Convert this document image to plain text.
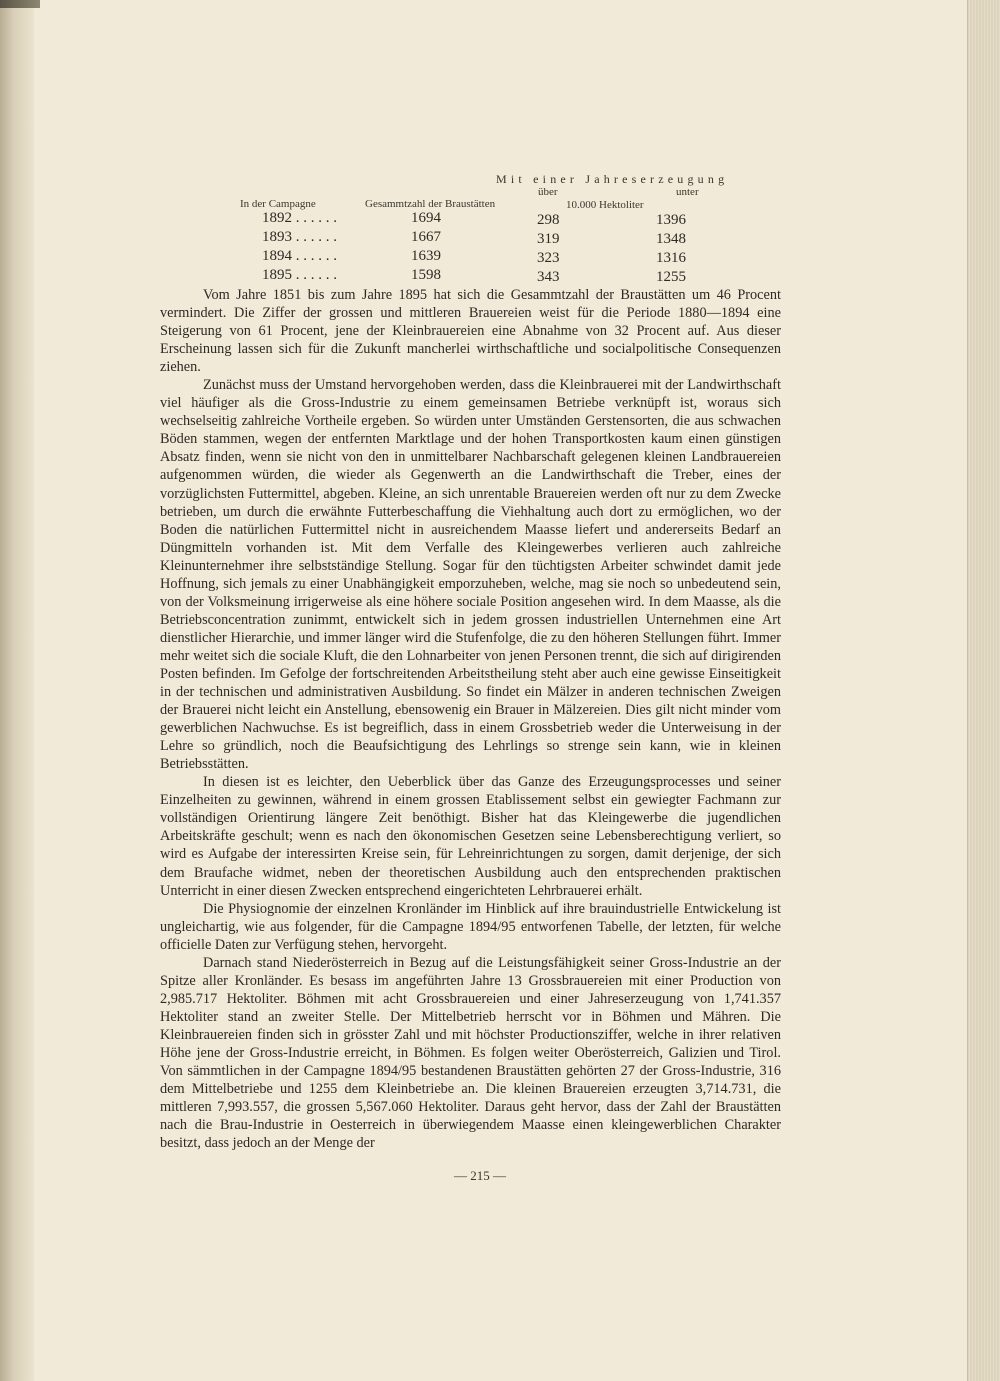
Mit einer Jahreserzeugung
über	unter
In der Campagne	Gesammtzahl der Braustätten	10.000 Hektoliter
1892 . . . . . .	1694	298	1396
1893 . . . . . .	1667	319	1348
1894 . . . . . .	1639	323	1316
1895 . . . . . .	1598	343	1255

Vom Jahre 1851 bis zum Jahre 1895 hat sich die Gesammtzahl der Braustätten um 46 Procent vermindert. Die Ziffer der grossen und mittleren Brauereien weist für die Periode 1880—1894 eine Steigerung von 61 Procent, jene der Kleinbrauereien eine Abnahme von 32 Procent auf. Aus dieser Erscheinung lassen sich für die Zukunft mancherlei wirthschaftliche und socialpolitische Consequenzen ziehen.

Zunächst muss der Umstand hervorgehoben werden, dass die Kleinbrauerei mit der Landwirthschaft viel häufiger als die Gross-Industrie zu einem gemeinsamen Betriebe verknüpft ist, woraus sich wechselseitig zahlreiche Vortheile ergeben. So würden unter Umständen Gerstensorten, die aus schwachen Böden stammen, wegen der entfernten Marktlage und der hohen Transportkosten kaum einen günstigen Absatz finden, wenn sie nicht von den in unmittelbarer Nachbarschaft gelegenen kleinen Landbrauereien aufgenommen würden, die wieder als Gegenwerth an die Landwirthschaft die Treber, eines der vorzüglichsten Futtermittel, abgeben. Kleine, an sich unrentable Brauereien werden oft nur zu dem Zwecke betrieben, um durch die erwähnte Futterbeschaffung die Viehhaltung auch dort zu ermöglichen, wo der Boden die natürlichen Futtermittel nicht in ausreichendem Maasse liefert und andererseits Bedarf an Düngmitteln vorhanden ist. Mit dem Verfalle des Kleingewerbes verlieren auch zahlreiche Kleinunternehmer ihre selbstständige Stellung. Sogar für den tüchtigsten Arbeiter schwindet damit jede Hoffnung, sich jemals zu einer Unabhängigkeit emporzuheben, welche, mag sie noch so unbedeutend sein, von der Volksmeinung irrigerweise als eine höhere sociale Position angesehen wird. In dem Maasse, als die Betriebsconcentration zunimmt, entwickelt sich in jedem grossen industriellen Unternehmen eine Art dienstlicher Hierarchie, und immer länger wird die Stufenfolge, die zu den höheren Stellungen führt. Immer mehr weitet sich die sociale Kluft, die den Lohnarbeiter von jenen Personen trennt, die sich auf dirigirenden Posten befinden. Im Gefolge der fortschreitenden Arbeitstheilung steht aber auch eine gewisse Einseitigkeit in der technischen und administrativen Ausbildung. So findet ein Mälzer in anderen technischen Zweigen der Brauerei nicht leicht ein Anstellung, ebensowenig ein Brauer in Mälzereien. Dies gilt nicht minder vom gewerblichen Nachwuchse. Es ist begreiflich, dass in einem Grossbetrieb weder die Unterweisung in der Lehre so gründlich, noch die Beaufsichtigung des Lehrlings so strenge sein kann, wie in kleinen Betriebsstätten.

In diesen ist es leichter, den Ueberblick über das Ganze des Erzeugungsprocesses und seiner Einzelheiten zu gewinnen, während in einem grossen Etablissement selbst ein gewiegter Fachmann zur vollständigen Orientirung längere Zeit benöthigt. Bisher hat das Kleingewerbe die jugendlichen Arbeitskräfte geschult; wenn es nach den ökonomischen Gesetzen seine Lebensberechtigung verliert, so wird es Aufgabe der interessirten Kreise sein, für Lehreinrichtungen zu sorgen, damit derjenige, der sich dem Braufache widmet, neben der theoretischen Ausbildung auch den entsprechenden praktischen Unterricht in einer diesen Zwecken entsprechend eingerichteten Lehrbrauerei erhält.

Die Physiognomie der einzelnen Kronländer im Hinblick auf ihre brauindustrielle Entwickelung ist ungleichartig, wie aus folgender, für die Campagne 1894/95 entworfenen Tabelle, der letzten, für welche officielle Daten zur Verfügung stehen, hervorgeht.

Darnach stand Niederösterreich in Bezug auf die Leistungsfähigkeit seiner Gross-Industrie an der Spitze aller Kronländer. Es besass im angeführten Jahre 13 Grossbrauereien mit einer Production von 2,985.717 Hektoliter. Böhmen mit acht Grossbrauereien und einer Jahreserzeugung von 1,741.357 Hektoliter stand an zweiter Stelle. Der Mittelbetrieb herrscht vor in Böhmen und Mähren. Die Kleinbrauereien finden sich in grösster Zahl und mit höchster Productionsziffer, welche in ihrer relativen Höhe jene der Gross-Industrie erreicht, in Böhmen. Es folgen weiter Oberösterreich, Galizien und Tirol. Von sämmtlichen in der Campagne 1894/95 bestandenen Braustätten gehörten 27 der Gross-Industrie, 316 dem Mittelbetriebe und 1255 dem Kleinbetriebe an. Die kleinen Brauereien erzeugten 3,714.731, die mittleren 7,993.557, die grossen 5,567.060 Hektoliter. Daraus geht hervor, dass der Zahl der Braustätten nach die Brau-Industrie in Oesterreich in überwiegendem Maasse einen kleingewerblichen Charakter besitzt, dass jedoch an der Menge der

— 215 —
